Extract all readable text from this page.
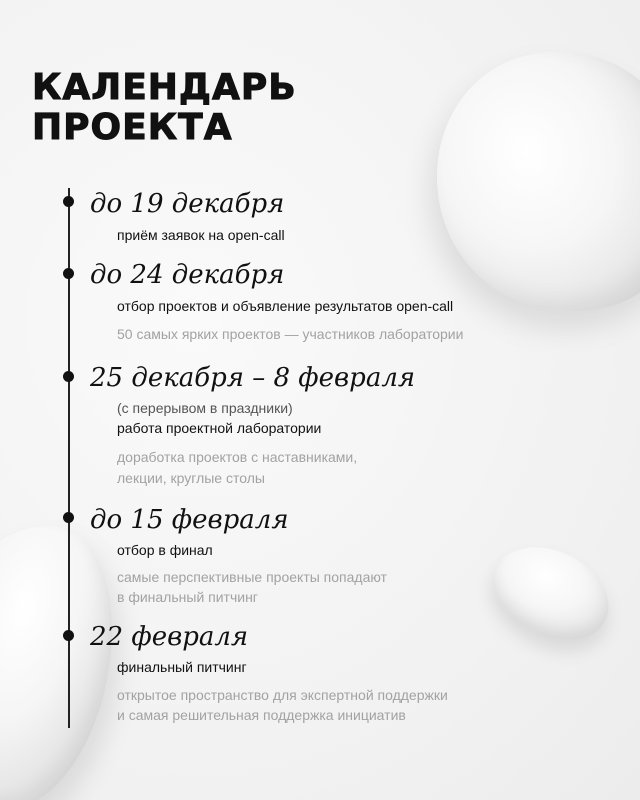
КАЛЕНДАРЬ
ПРОЕКТА
до 19 декабря
приём заявок на open-call
до 24 декабря
отбор проектов и объявление результатов open-call
50 самых ярких проектов — участников лаборатории
25 декабря – 8 февраля
(с перерывом в праздники)
работа проектной лаборатории
доработка проектов с наставниками,
лекции, круглые столы
до 15 февраля
отбор в финал
самые перспективные проекты попадают
в финальный питчинг
22 февраля
финальный питчинг
открытое пространство для экспертной поддержки
и самая решительная поддержка инициатив
